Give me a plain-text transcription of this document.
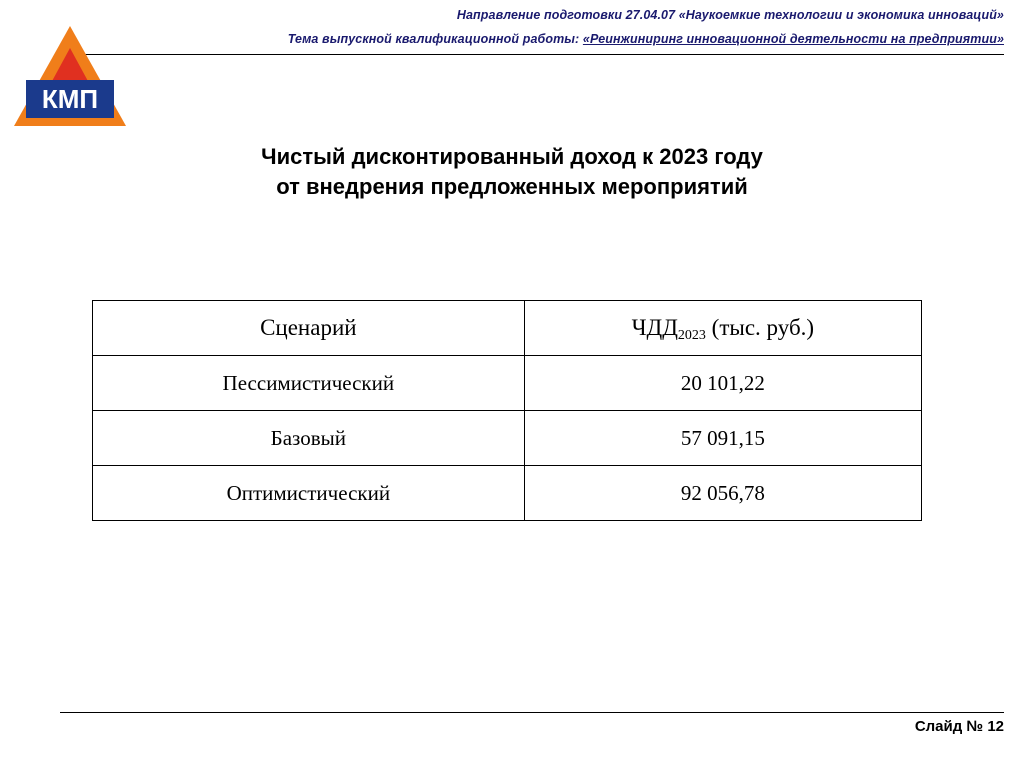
Направление подготовки 27.04.07 «Наукоемкие технологии и экономика инноваций»
Тема выпускной квалификационной работы: «Реинжиниринг инновационной деятельности на предприятии»
КМП
Чистый дисконтированный доход к 2023 году
от внедрения предложенных мероприятий
Сценарий	$ЧДД_{2023}$ (тыс. руб.)
Пессимистический	20 101,22
Базовый	57 091,15
Оптимистический	92 056,78
Слайд № 12
